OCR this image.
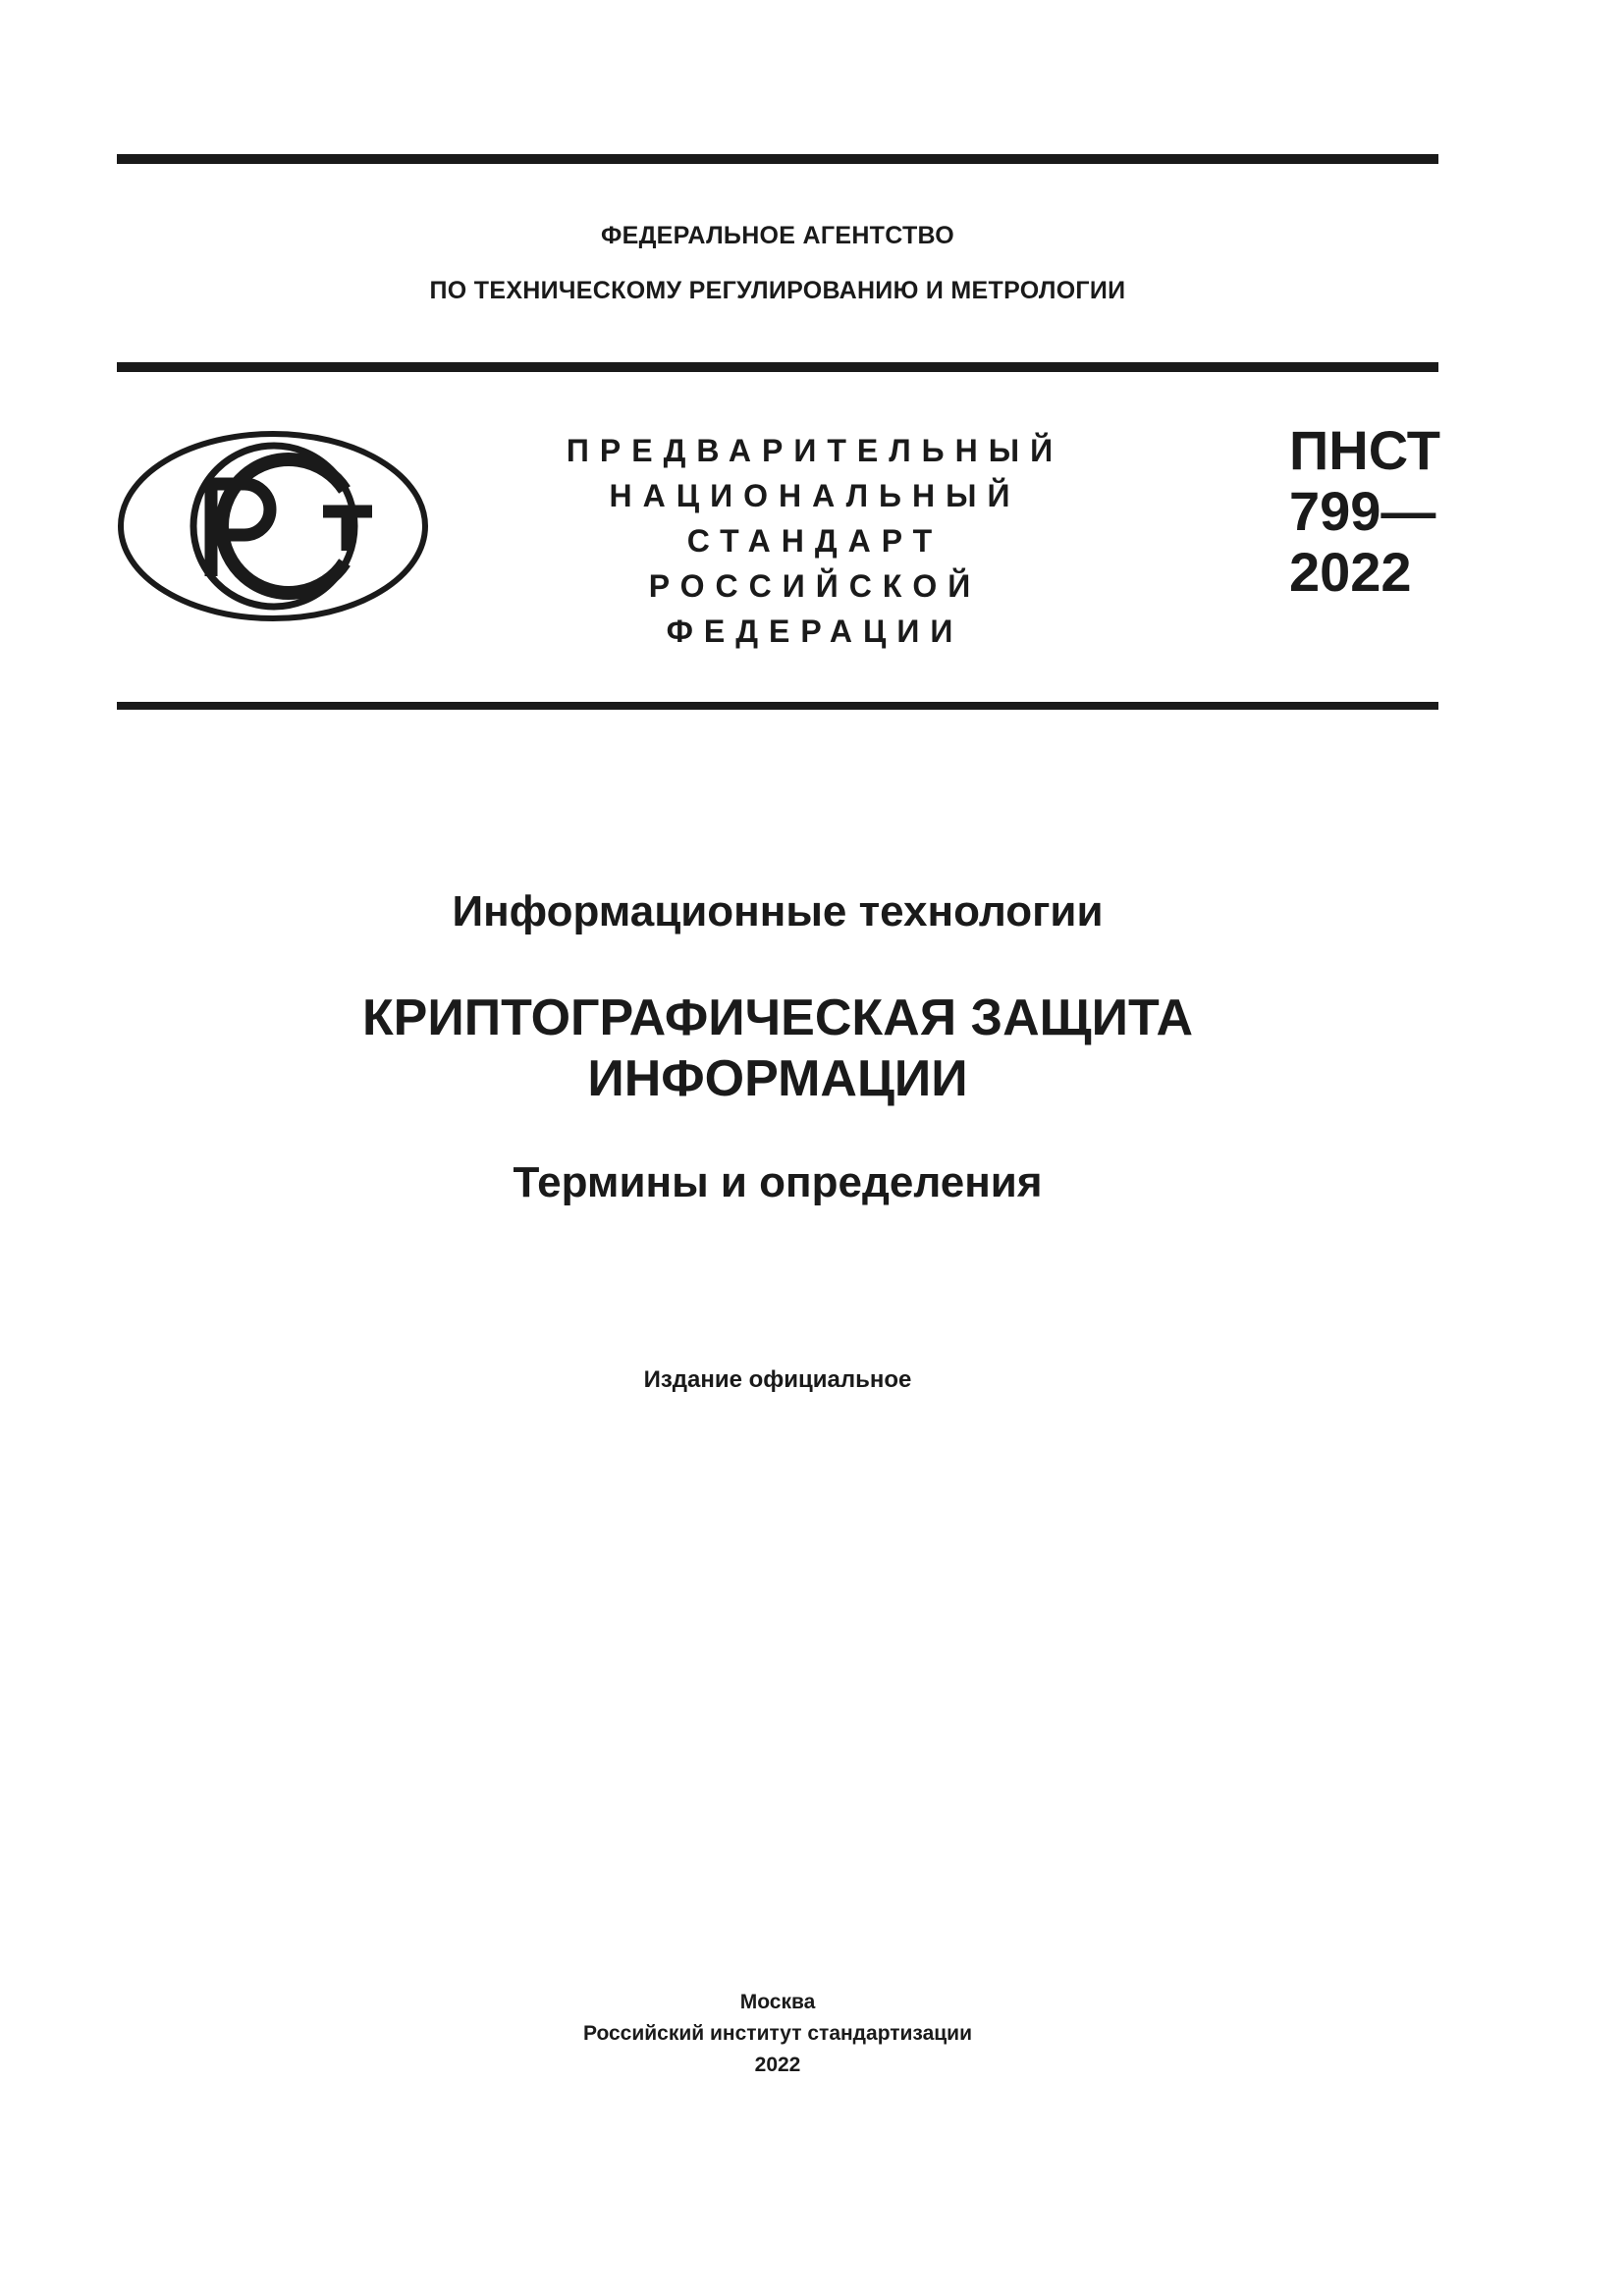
ФЕДЕРАЛЬНОЕ АГЕНТСТВО
ПО ТЕХНИЧЕСКОМУ РЕГУЛИРОВАНИЮ И МЕТРОЛОГИИ
ПРЕДВАРИТЕЛЬНЫЙ
НАЦИОНАЛЬНЫЙ
СТАНДАРТ
РОССИЙСКОЙ
ФЕДЕРАЦИИ
ПНСТ
799—
2022
Информационные технологии
КРИПТОГРАФИЧЕСКАЯ ЗАЩИТА
ИНФОРМАЦИИ
Термины и определения
Издание официальное
Москва
Российский институт стандартизации
2022
